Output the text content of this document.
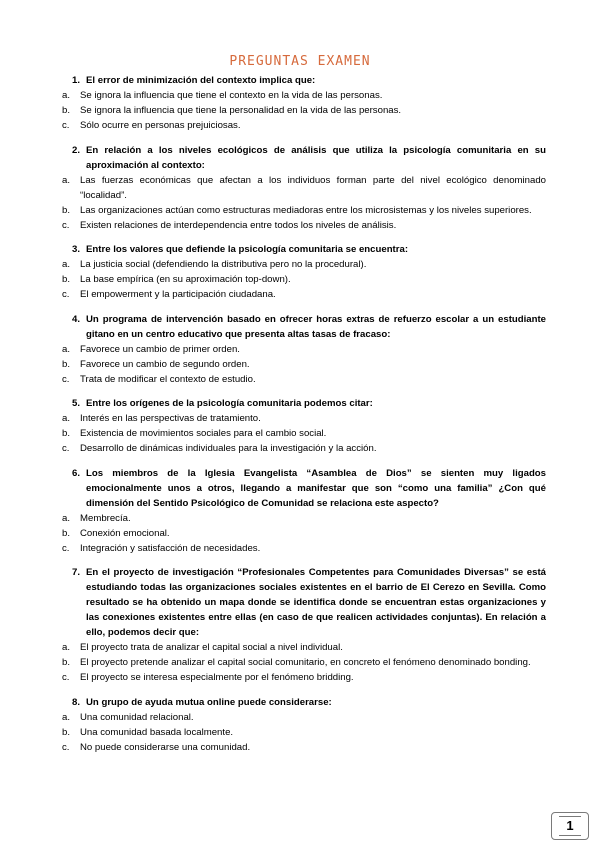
PREGUNTAS EXAMEN
1. El error de minimización del contexto implica que:
a.	Se ignora la influencia que tiene el contexto en la vida de las personas.
b.	Se ignora la influencia que tiene la personalidad en la vida de las personas.
c.	Sólo ocurre en personas prejuiciosas.
2. En relación a los niveles ecológicos de análisis que utiliza la psicología comunitaria en su aproximación al contexto:
a.	Las fuerzas económicas que afectan a los individuos forman parte del nivel ecológico denominado “localidad”.
b.	Las organizaciones actúan como estructuras mediadoras entre los microsistemas y los niveles superiores.
c.	Existen relaciones de interdependencia entre todos los niveles de análisis.
3. Entre los valores que defiende la psicología comunitaria se encuentra:
a.	La justicia social (defendiendo la distributiva pero no la procedural).
b.	La base empírica (en su aproximación top-down).
c.	El empowerment y la participación ciudadana.
4. Un programa de intervención basado en ofrecer horas extras de refuerzo escolar a un estudiante gitano en un centro educativo que presenta altas tasas de fracaso:
a.	Favorece un cambio de primer orden.
b.	Favorece un cambio de segundo orden.
c.	Trata de modificar el contexto de estudio.
5. Entre los orígenes de la psicología comunitaria podemos citar:
a.	Interés en las perspectivas de tratamiento.
b.	Existencia de movimientos sociales para el cambio social.
c.	Desarrollo de dinámicas individuales para la investigación y la acción.
6. Los miembros de la Iglesia Evangelista “Asamblea de Dios” se sienten muy ligados emocionalmente unos a otros, llegando a manifestar que son “como una familia” ¿Con qué dimensión del Sentido Psicológico de Comunidad se relaciona este aspecto?
a.	Membrecía.
b.	Conexión emocional.
c.	Integración y satisfacción de necesidades.
7. En el proyecto de investigación “Profesionales Competentes para Comunidades Diversas” se está estudiando todas las organizaciones sociales existentes en el barrio de El Cerezo en Sevilla. Como resultado se ha obtenido un mapa donde se identifica donde se encuentran estas organizaciones y las conexiones existentes entre ellas (en caso de que realicen actividades conjuntas). En relación a ello, podemos decir que:
a.	El proyecto trata de analizar el capital social a nivel individual.
b.	El proyecto pretende analizar el capital social comunitario, en concreto el fenómeno denominado bonding.
c.	El proyecto se interesa especialmente por el fenómeno bridding.
8. Un grupo de ayuda mutua online puede considerarse:
a.	Una comunidad relacional.
b.	Una comunidad basada localmente.
c.	No puede considerarse una comunidad.
1
